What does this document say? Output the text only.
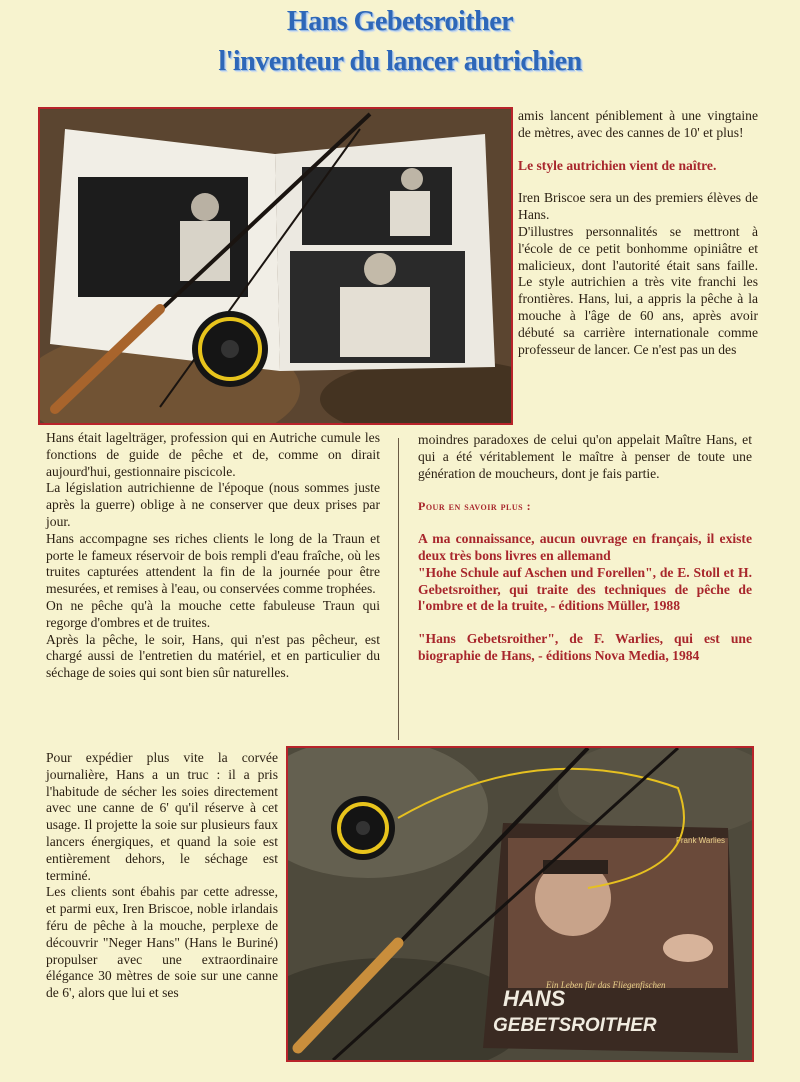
Hans Gebetsroither
l'inventeur du lancer autrichien

amis lancent péniblement à une vingtaine de mètres, avec des cannes de 10' et plus!

Le style autrichien vient de naître.

Iren Briscoe sera un des premiers élèves de Hans.

D'illustres personnalités se mettront à l'école de ce petit bonhomme opiniâtre et malicieux, dont l'autorité était sans faille. Le style autrichien a très vite franchi les frontières. Hans, lui, a appris la pêche à la mouche à l'âge de 60 ans, après avoir débuté sa carrière internationale comme professeur de lancer. Ce n'est pas un des

Hans était lagelträger, profession qui en Autriche cumule les fonctions de guide de pêche et de, comme on dirait aujourd'hui, gestionnaire piscicole.

La législation autrichienne de l'époque (nous sommes juste après la guerre) oblige à ne conserver que deux prises par jour.

Hans accompagne ses riches clients le long de la Traun et porte le fameux réservoir de bois rempli d'eau fraîche, où les truites capturées attendent la fin de la journée pour être mesurées, et remises à l'eau, ou conservées comme trophées.

On ne pêche qu'à la mouche cette fabuleuse Traun qui regorge d'ombres et de truites.

Après la pêche, le soir, Hans, qui n'est pas pêcheur, est chargé aussi de l'entretien du matériel, et en particulier du séchage de soies qui sont bien sûr naturelles.

moindres paradoxes de celui qu'on appelait Maître Hans, et qui a été véritablement le maître à penser de toute une génération de moucheurs, dont je fais partie.

Pour en savoir plus :

A ma connaissance, aucun ouvrage en français, il existe deux très bons livres en allemand

"Hohe Schule auf Aschen und Forellen", de E. Stoll et H. Gebetsroither, qui traite des techniques de pêche de l'ombre et de la truite, - éditions Müller, 1988

"Hans Gebetsroither", de F. Warlies, qui est une biographie de Hans, - éditions Nova Media, 1984

Pour expédier plus vite la corvée journalière, Hans a un truc : il a pris l'habitude de sécher les soies directement avec une canne de 6' qu'il réserve à cet usage. Il projette la soie sur plusieurs faux lancers énergiques, et quand la soie est entièrement dehors, le séchage est terminé.

Les clients sont ébahis par cette adresse, et parmi eux, Iren Briscoe, noble irlandais féru de pêche à la mouche, perplexe de découvrir "Neger Hans" (Hans le Buriné) propulser avec une extraordinaire élégance 30 mètres de soie sur une canne de 6', alors que lui et ses	HANS
GEBETSROITHER
Ein Leben für das Fliegenfischen
Frank Warlies
